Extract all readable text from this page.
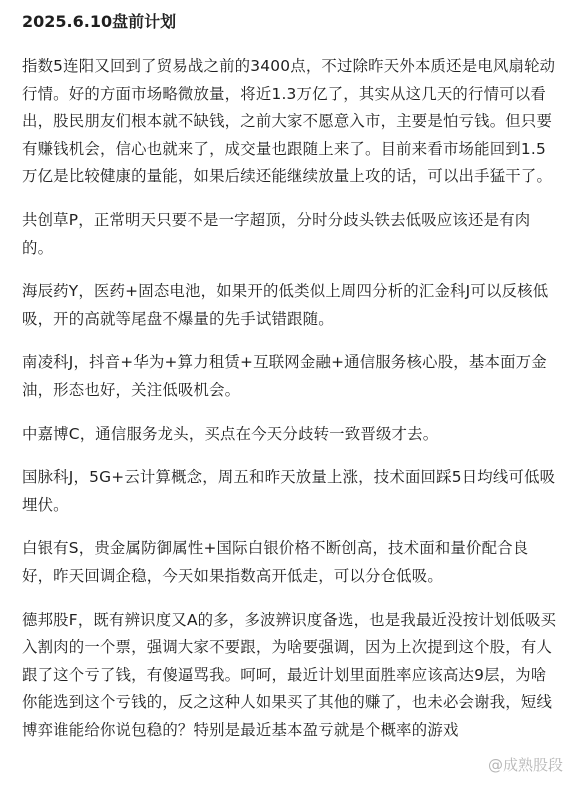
2025.6.10盘前计划

指数5连阳又回到了贸易战之前的3400点，不过除昨天外本质还是电风扇轮动行情。好的方面市场略微放量，将近1.3万亿了，其实从这几天的行情可以看出，股民朋友们根本就不缺钱，之前大家不愿意入市，主要是怕亏钱。但只要有赚钱机会，信心也就来了，成交量也跟随上来了。目前来看市场能回到1.5万亿是比较健康的量能，如果后续还能继续放量上攻的话，可以出手猛干了。

共创草P，正常明天只要不是一字超顶，分时分歧头铁去低吸应该还是有肉的。

海辰药Y，医药+固态电池，如果开的低类似上周四分析的汇金科J可以反核低吸，开的高就等尾盘不爆量的先手试错跟随。

南凌科J，抖音+华为+算力租赁+互联网金融+通信服务核心股，基本面万金油，形态也好，关注低吸机会。

中嘉博C，通信服务龙头，买点在今天分歧转一致晋级才去。

国脉科J，5G+云计算概念，周五和昨天放量上涨，技术面回踩5日均线可低吸埋伏。

白银有S，贵金属防御属性+国际白银价格不断创高，技术面和量价配合良好，昨天回调企稳，今天如果指数高开低走，可以分仓低吸。

德邦股F，既有辨识度又A的多，多波辨识度备选，也是我最近没按计划低吸买入割肉的一个票，强调大家不要跟，为啥要强调，因为上次提到这个股，有人跟了这个亏了钱，有傻逼骂我。呵呵，最近计划里面胜率应该高达9层，为啥你能选到这个亏钱的，反之这种人如果买了其他的赚了，也未必会谢我，短线博弈谁能给你说包稳的？特别是最近基本盈亏就是个概率的游戏

@成熟股段
